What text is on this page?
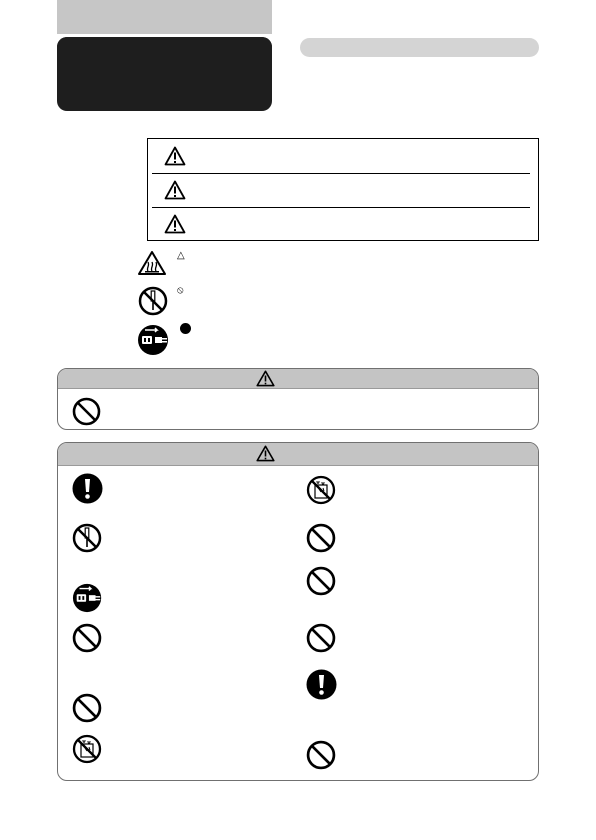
△
⦸
